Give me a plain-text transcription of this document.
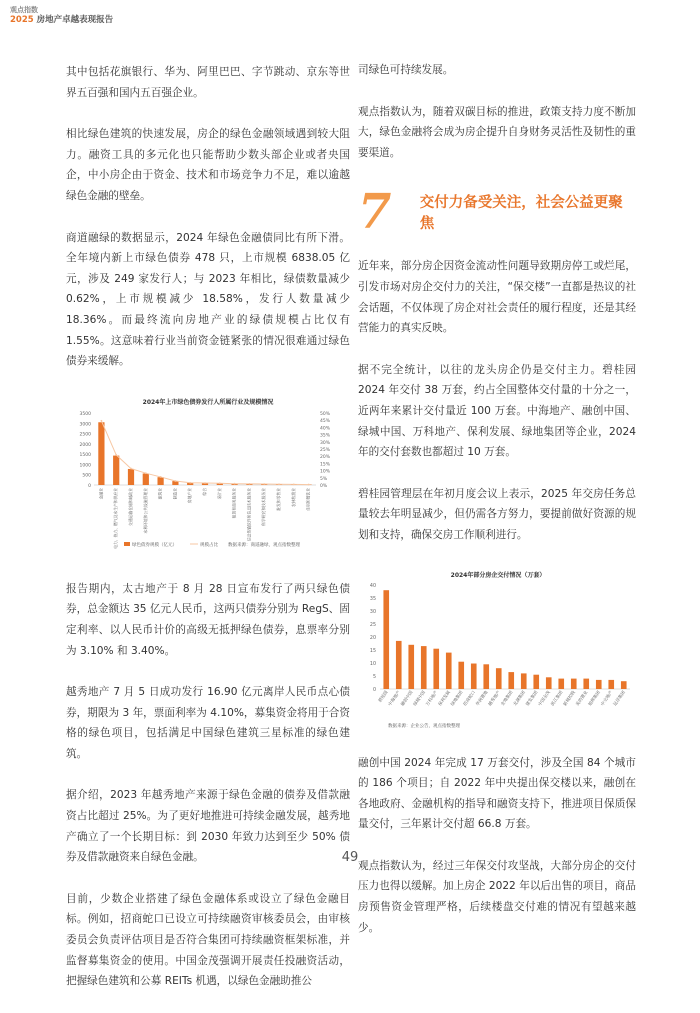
观点指数
2025 房地产卓越表现报告

其中包括花旗银行、华为、阿里巴巴、字节跳动、京东等世界五百强和国内五百强企业。

相比绿色建筑的快速发展，房企的绿色金融领域遇到较大阻力。融资工具的多元化也只能帮助少数头部企业或者央国企，中小房企由于资金、技术和市场竞争力不足，难以逾越绿色金融的壁垒。

商道融绿的数据显示，2024 年绿色金融债同比有所下滑。全年境内新上市绿色债券 478 只，上市规模 6838.05 亿元，涉及 249 家发行人；与 2023 年相比，绿债数量减少 0.62%，上市规模减少 18.58%，发行人数量减少 18.36%。而最终流向房地产业的绿债规模占比仅有 1.55%。这意味着行业当前资金链紧张的情况很难通过绿色债券来缓解。

2024年上市绿色债券发行人所属行业及规模情况
3500
3000
2500
2000
1500
1000
500
0
50%
45%
40%
35%
30%
25%
20%
15%
10%
5%
0%
金融业	电力、热力、燃气及水生产和供应业	交通运输仓储和邮政业	水利环境和公共设施管理业	建筑业	制造业	房地产业	综合	采矿业	租赁和商务服务业	信息传输软件和信息技术服务业	科学研究和技术服务业	批发和零售业	农林牧渔业	住宿和餐饮业
绿色债券规模（亿元）	规模占比 数据来源：商道融绿，观点指数整理

报告期内，太古地产于 8 月 28 日宣布发行了两只绿色债券，总金额达 35 亿元人民币，这两只债券分别为 RegS、固定利率、以人民币计价的高级无抵押绿色债券，息票率分别为 3.10% 和 3.40%。

越秀地产 7 月 5 日成功发行 16.90 亿元离岸人民币点心债券，期限为 3 年，票面利率为 4.10%，募集资金将用于合资格的绿色项目，包括满足中国绿色建筑三星标准的绿色建筑。

据介绍，2023 年越秀地产来源于绿色金融的债券及借款融资占比超过 25%。为了更好地推进可持续金融发展，越秀地产确立了一个长期目标：到 2030 年致力达到至少 50% 债券及借款融资来自绿色金融。

目前，少数企业搭建了绿色金融体系或设立了绿色金融目标。例如，招商蛇口已设立可持续融资审核委员会，由审核委员会负责评估项目是否符合集团可持续融资框架标准，并监督募集资金的使用。中国金茂强调开展责任投融资活动，把握绿色建筑和公募 REITs 机遇，以绿色金融助推公

司绿色可持续发展。

观点指数认为，随着双碳目标的推进，政策支持力度不断加大，绿色金融将会成为房企提升自身财务灵活性及韧性的重要渠道。

7	交付力备受关注，社会公益更聚焦

近年来，部分房企因资金流动性问题导致期房停工或烂尾，引发市场对房企交付力的关注，“保交楼”一直都是热议的社会话题，不仅体现了房企对社会责任的履行程度，还是其经营能力的真实反映。

据不完全统计，以往的龙头房企仍是交付主力。碧桂园 2024 年交付 38 万套，约占全国整体交付量的十分之一，近两年来累计交付量近 100 万套。中海地产、融创中国、绿城中国、万科地产、保利发展、绿地集团等企业，2024 年的交付套数也都超过 10 万套。

碧桂园管理层在年初月度会议上表示，2025 年交房任务总量较去年明显减少，但仍需各方努力，要提前做好资源的规划和支持，确保交房工作顺利进行。

2024年部分房企交付情况（万套）
40
35
30
25
20
15
10
5
0 碧桂园
中海地产
融创中国
绿城中国
万科地产
保利发展
绿地集团
招商蛇口
华润置地
越秀地产
金地集团
龙湖集团
建发集团
中国金茂
滨江集团
新城控股
美的置业
旭辉集团
中交地产
远洋集团
数据来源：企业公告，观点指数整理

融创中国 2024 年完成 17 万套交付，涉及全国 84 个城市的 186 个项目；自 2022 年中央提出保交楼以来，融创在各地政府、金融机构的指导和融资支持下，推进项目保质保量交付，三年累计交付超 66.8 万套。

观点指数认为，经过三年保交付攻坚战，大部分房企的交付压力也得以缓解。加上房企 2022 年以后出售的项目，商品房预售资金管理严格，后续楼盘交付难的情况有望越来越少。

49
